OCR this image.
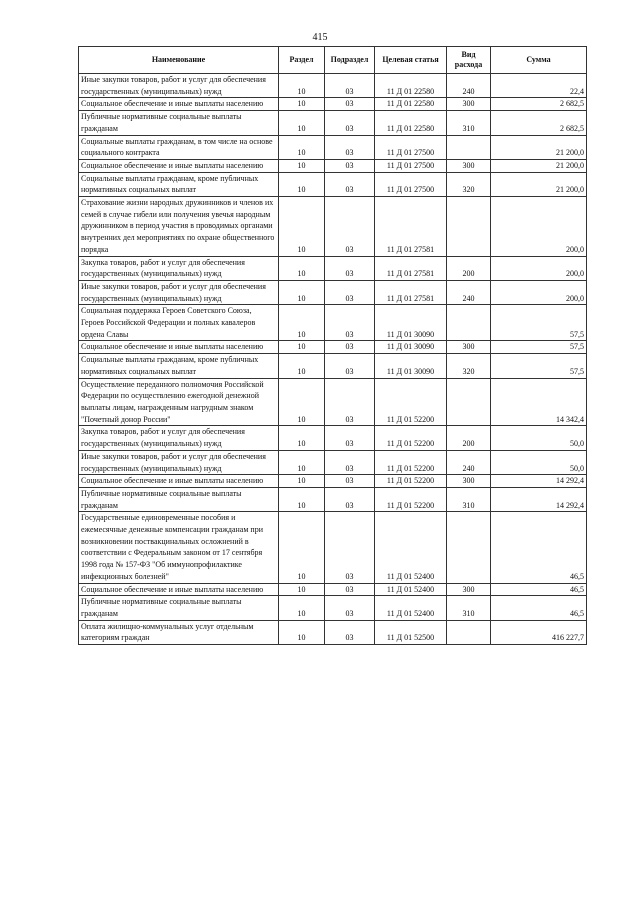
415
Наименование	Раздел	Подраздел	Целевая статья	Вид расхода	Сумма
Иные закупки товаров, работ и услуг для обеспечения государственных (муниципальных) нужд	10	03	11 Д 01 22580	240	22,4
Социальное обеспечение и иные выплаты населению	10	03	11 Д 01 22580	300	2 682,5
Публичные нормативные социальные выплаты гражданам	10	03	11 Д 01 22580	310	2 682,5
Социальные выплаты гражданам, в том числе на основе социального контракта	10	03	11 Д 01 27500		21 200,0
Социальное обеспечение и иные выплаты населению	10	03	11 Д 01 27500	300	21 200,0
Социальные выплаты гражданам, кроме публичных нормативных социальных выплат	10	03	11 Д 01 27500	320	21 200,0
Страхование жизни народных дружинников и членов их семей в случае гибели или получения увечья народным дружинником в период участия в проводимых органами внутренних дел мероприятиях по охране общественного порядка	10	03	11 Д 01 27581		200,0
Закупка товаров, работ и услуг для обеспечения государственных (муниципальных) нужд	10	03	11 Д 01 27581	200	200,0
Иные закупки товаров, работ и услуг для обеспечения государственных (муниципальных) нужд	10	03	11 Д 01 27581	240	200,0
Социальная поддержка Героев Советского Союза, Героев Российской Федерации и полных кавалеров ордена Славы	10	03	11 Д 01 30090		57,5
Социальное обеспечение и иные выплаты населению	10	03	11 Д 01 30090	300	57,5
Социальные выплаты гражданам, кроме публичных нормативных социальных выплат	10	03	11 Д 01 30090	320	57,5
Осуществление переданного полномочия Российской Федерации по осуществлению ежегодной денежной выплаты лицам, награжденным нагрудным знаком "Почетный донор России"	10	03	11 Д 01 52200		14 342,4
Закупка товаров, работ и услуг для обеспечения государственных (муниципальных) нужд	10	03	11 Д 01 52200	200	50,0
Иные закупки товаров, работ и услуг для обеспечения государственных (муниципальных) нужд	10	03	11 Д 01 52200	240	50,0
Социальное обеспечение и иные выплаты населению	10	03	11 Д 01 52200	300	14 292,4
Публичные нормативные социальные выплаты гражданам	10	03	11 Д 01 52200	310	14 292,4
Государственные единовременные пособия и ежемесячные денежные компенсации гражданам при возникновении поствакцинальных осложнений в соответствии с Федеральным законом от 17 сентября 1998 года № 157-ФЗ "Об иммунопрофилактике инфекционных болезней"	10	03	11 Д 01 52400		46,5
Социальное обеспечение и иные выплаты населению	10	03	11 Д 01 52400	300	46,5
Публичные нормативные социальные выплаты гражданам	10	03	11 Д 01 52400	310	46,5
Оплата жилищно-коммунальных услуг отдельным категориям граждан	10	03	11 Д 01 52500		416 227,7
